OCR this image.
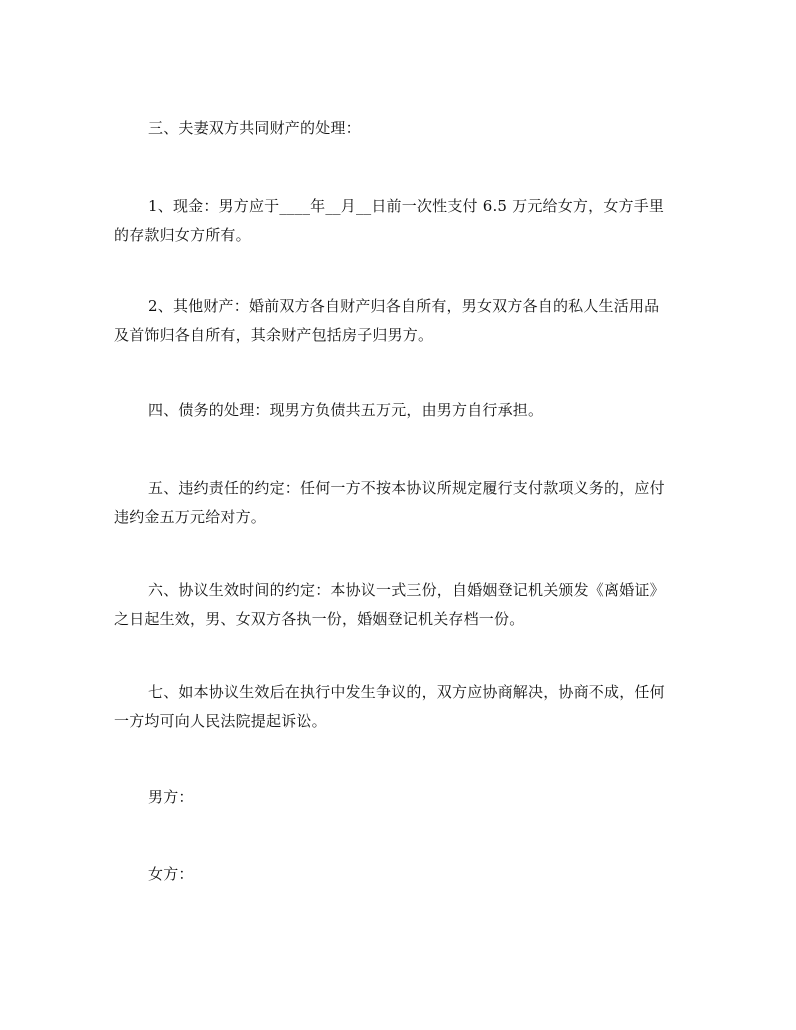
三、夫妻双方共同财产的处理：

1、现金：男方应于____年__月__日前一次性支付 6.5 万元给女方，女方手里
的存款归女方所有。

2、其他财产：婚前双方各自财产归各自所有，男女双方各自的私人生活用品
及首饰归各自所有，其余财产包括房子归男方。

四、债务的处理：现男方负债共五万元，由男方自行承担。

五、违约责任的约定：任何一方不按本协议所规定履行支付款项义务的，应付
违约金五万元给对方。

六、协议生效时间的约定：本协议一式三份，自婚姻登记机关颁发《离婚证》
之日起生效，男、女双方各执一份，婚姻登记机关存档一份。

七、如本协议生效后在执行中发生争议的，双方应协商解决，协商不成，任何
一方均可向人民法院提起诉讼。

男方：

女方：
